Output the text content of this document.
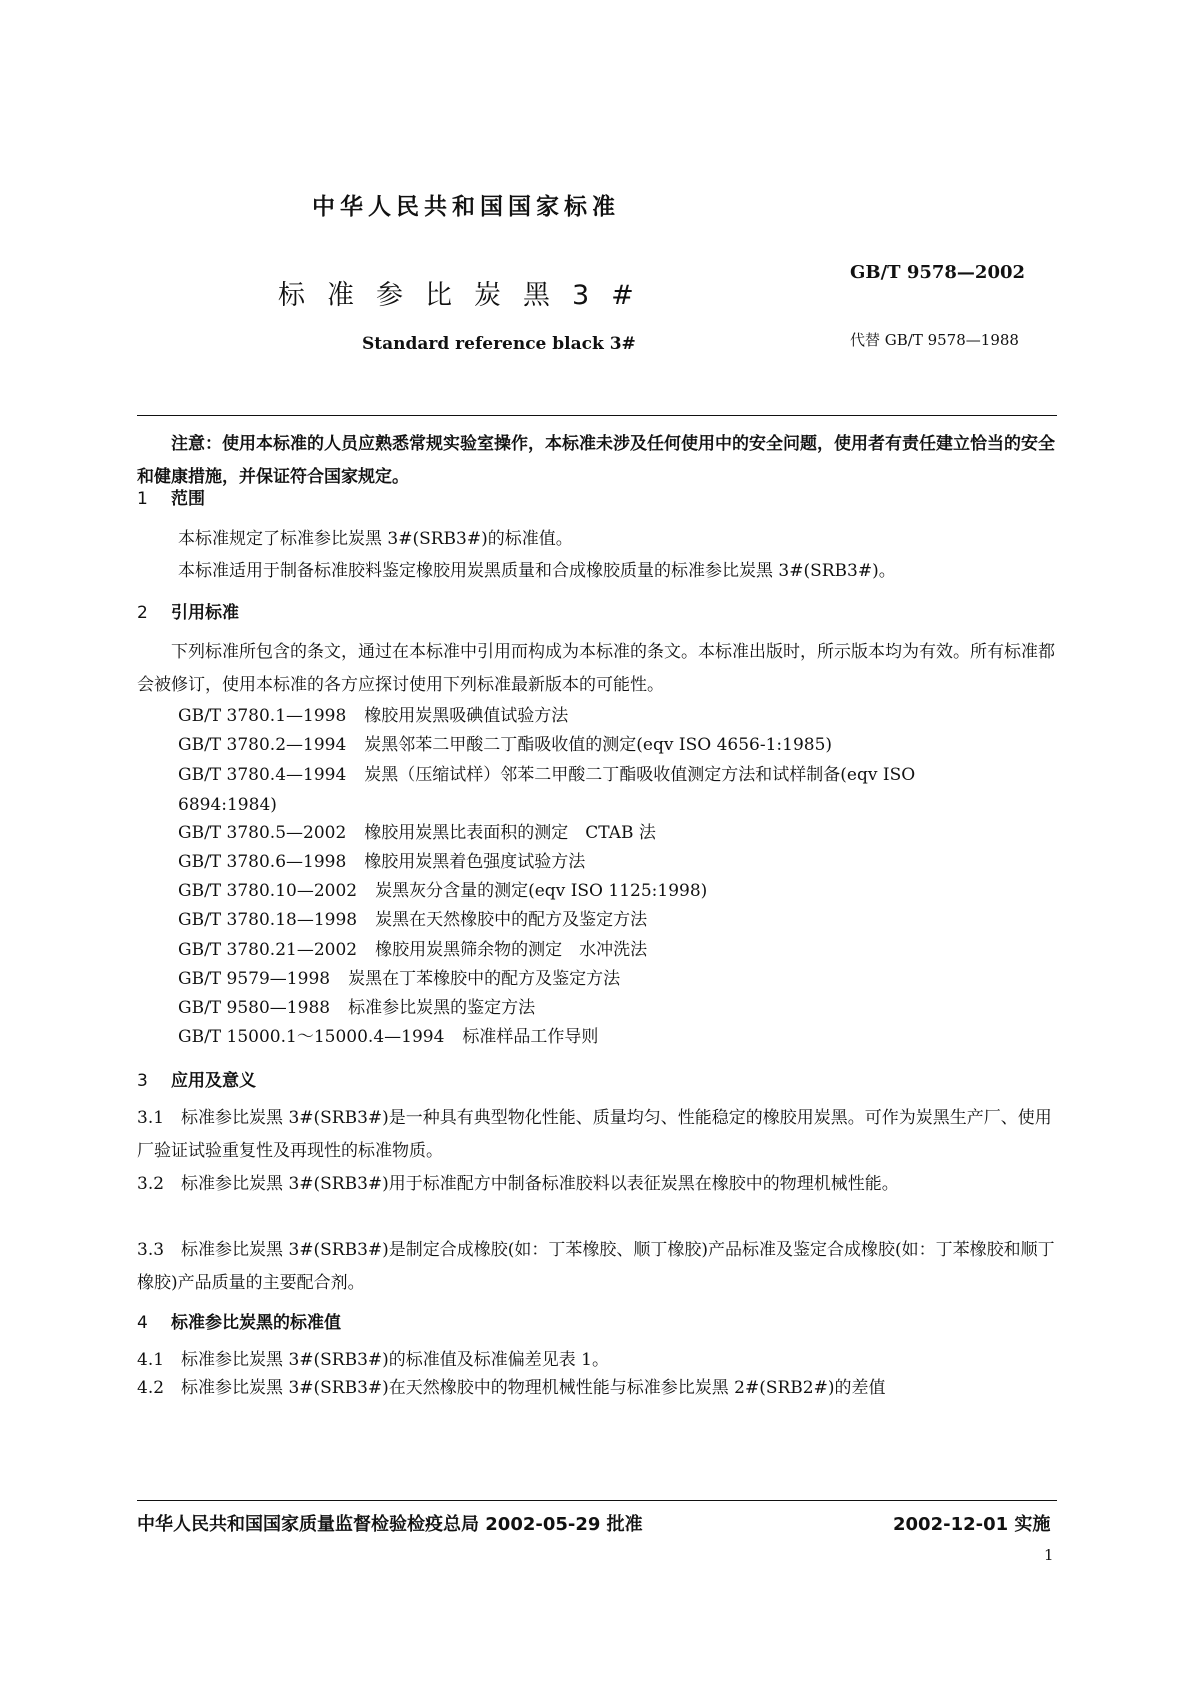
中华人民共和国国家标准
标准参比炭黑3#
Standard reference black 3#
GB/T 9578—2002
代替 GB/T 9578—1988
注意：使用本标准的人员应熟悉常规实验室操作，本标准未涉及任何使用中的安全问题，使用者有责任建立恰当的安全和健康措施，并保证符合国家规定。
1 范围
本标准规定了标准参比炭黑 3#(SRB3#)的标准值。
本标准适用于制备标准胶料鉴定橡胶用炭黑质量和合成橡胶质量的标准参比炭黑 3#(SRB3#)。
2 引用标准
下列标准所包含的条文，通过在本标准中引用而构成为本标准的条文。本标准出版时，所示版本均为有效。所有标准都会被修订，使用本标准的各方应探讨使用下列标准最新版本的可能性。
GB/T 3780.1—1998 橡胶用炭黑吸碘值试验方法
GB/T 3780.2—1994 炭黑邻苯二甲酸二丁酯吸收值的测定(eqv ISO 4656-1:1985)
GB/T 3780.4—1994 炭黑（压缩试样）邻苯二甲酸二丁酯吸收值测定方法和试样制备(eqv ISO 6894:1984)
GB/T 3780.5—2002 橡胶用炭黑比表面积的测定　CTAB 法
GB/T 3780.6—1998 橡胶用炭黑着色强度试验方法
GB/T 3780.10—2002 炭黑灰分含量的测定(eqv ISO 1125:1998)
GB/T 3780.18—1998 炭黑在天然橡胶中的配方及鉴定方法
GB/T 3780.21—2002 橡胶用炭黑筛余物的测定　水冲洗法
GB/T 9579—1998 炭黑在丁苯橡胶中的配方及鉴定方法
GB/T 9580—1988 标准参比炭黑的鉴定方法
GB/T 15000.1～15000.4—1994 标准样品工作导则
3 应用及意义
3.1　标准参比炭黑 3#(SRB3#)是一种具有典型物化性能、质量均匀、性能稳定的橡胶用炭黑。可作为炭黑生产厂、使用厂验证试验重复性及再现性的标准物质。
3.2　标准参比炭黑 3#(SRB3#)用于标准配方中制备标准胶料以表征炭黑在橡胶中的物理机械性能。
3.3　标准参比炭黑 3#(SRB3#)是制定合成橡胶(如：丁苯橡胶、顺丁橡胶)产品标准及鉴定合成橡胶(如：丁苯橡胶和顺丁橡胶)产品质量的主要配合剂。
4 标准参比炭黑的标准值
4.1　标准参比炭黑 3#(SRB3#)的标准值及标准偏差见表 1。
4.2　标准参比炭黑 3#(SRB3#)在天然橡胶中的物理机械性能与标准参比炭黑 2#(SRB2#)的差值
中华人民共和国国家质量监督检验检疫总局 2002-05-29 批准	2002-12-01 实施
1
